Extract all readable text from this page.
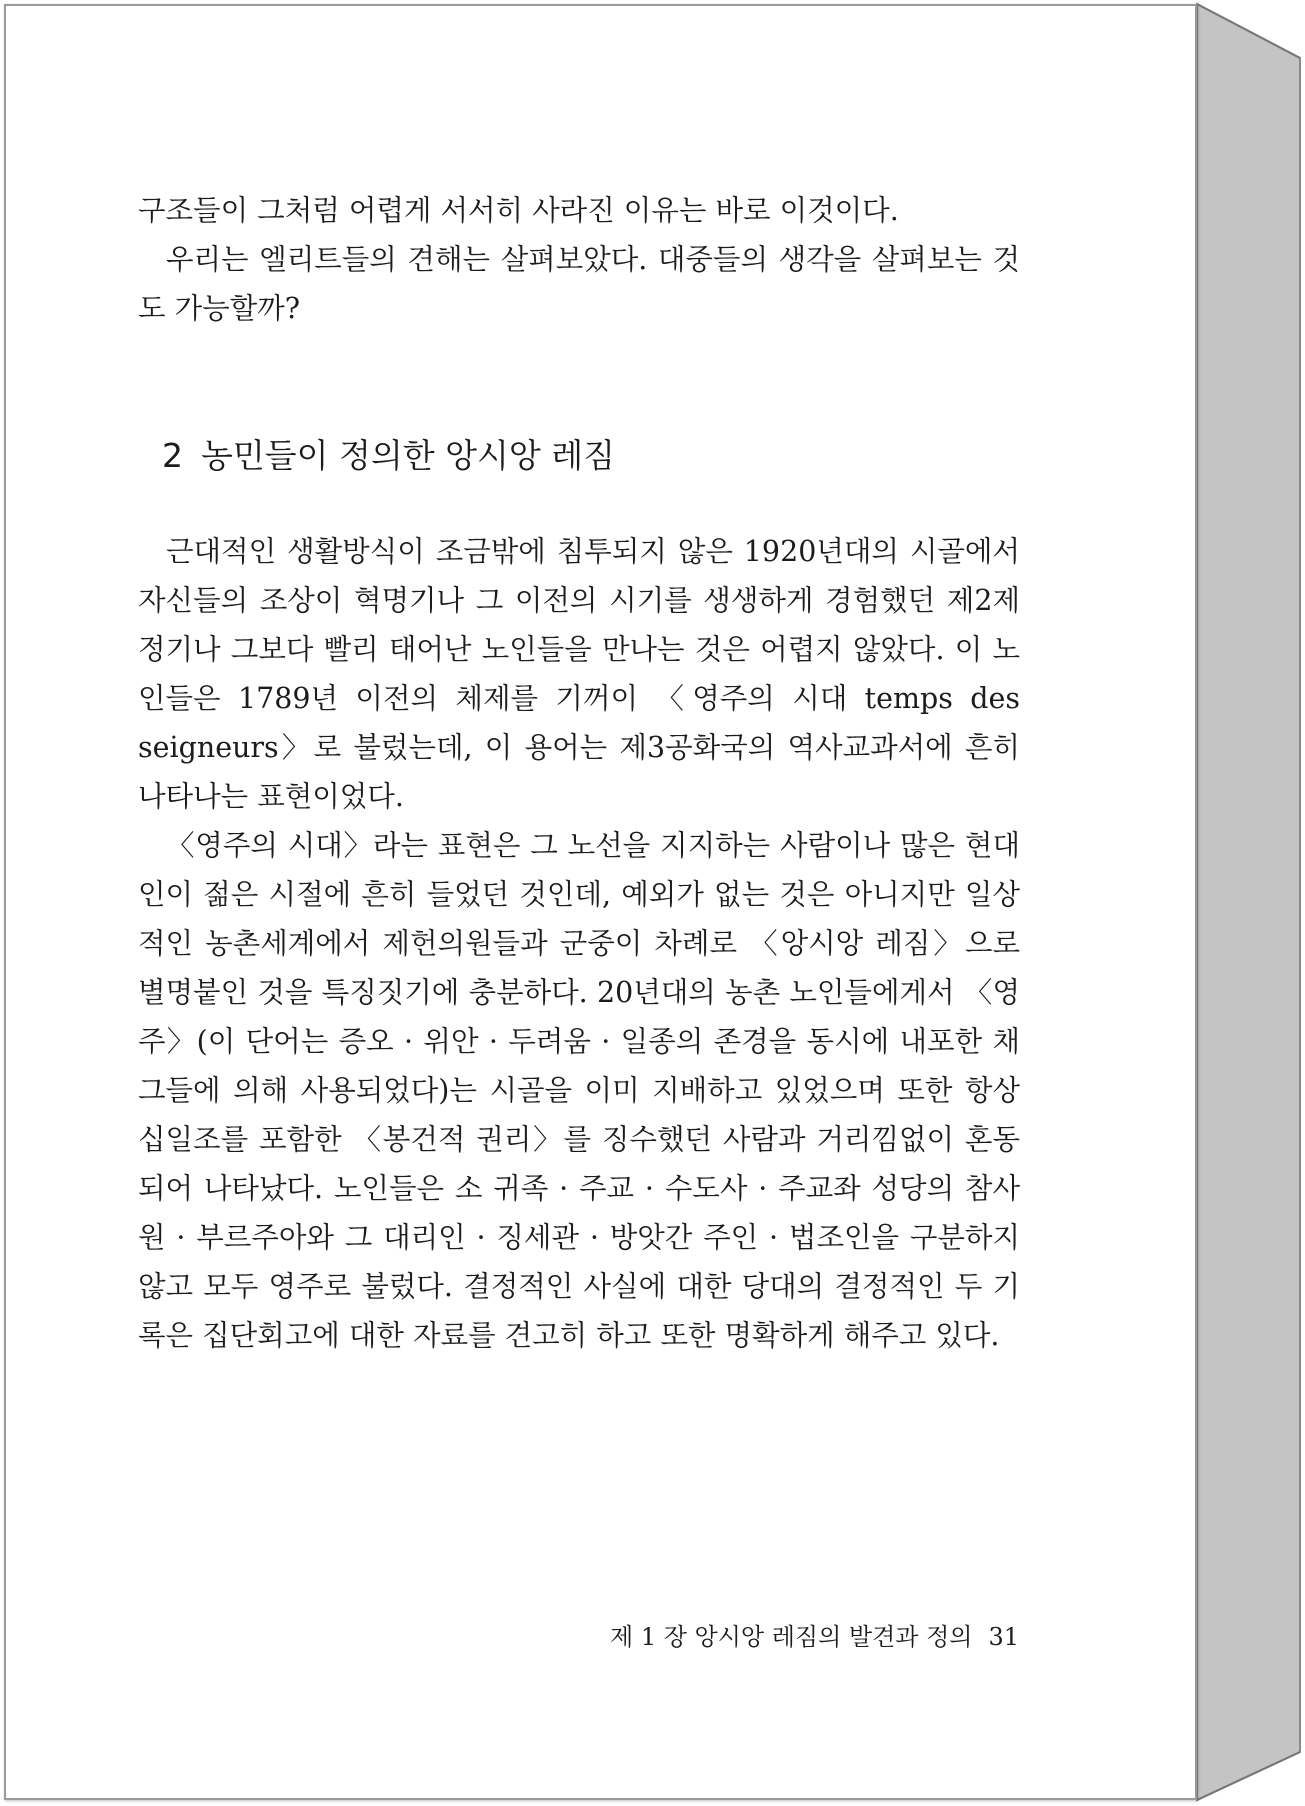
구조들이 그처럼 어렵게 서서히 사라진 이유는 바로 이것이다.

우리는 엘리트들의 견해는 살펴보았다. 대중들의 생각을 살펴보는 것도 가능할까?

2 농민들이 정의한 앙시앙 레짐

근대적인 생활방식이 조금밖에 침투되지 않은 1920년대의 시골에서 자신들의 조상이 혁명기나 그 이전의 시기를 생생하게 경험했던 제2제정기나 그보다 빨리 태어난 노인들을 만나는 것은 어렵지 않았다. 이 노인들은 1789년 이전의 체제를 기꺼이 〈영주의 시대 temps des seigneurs〉로 불렀는데, 이 용어는 제3공화국의 역사교과서에 흔히 나타나는 표현이었다.

〈영주의 시대〉라는 표현은 그 노선을 지지하는 사람이나 많은 현대인이 젊은 시절에 흔히 들었던 것인데, 예외가 없는 것은 아니지만 일상적인 농촌세계에서 제헌의원들과 군중이 차례로 〈앙시앙 레짐〉으로 별명붙인 것을 특징짓기에 충분하다. 20년대의 농촌 노인들에게서 〈영주〉(이 단어는 증오 · 위안 · 두려움 · 일종의 존경을 동시에 내포한 채 그들에 의해 사용되었다)는 시골을 이미 지배하고 있었으며 또한 항상 십일조를 포함한 〈봉건적 권리〉를 징수했던 사람과 거리낌없이 혼동되어 나타났다. 노인들은 소 귀족 · 주교 · 수도사 · 주교좌 성당의 참사원 · 부르주아와 그 대리인 · 징세관 · 방앗간 주인 · 법조인을 구분하지 않고 모두 영주로 불렀다. 결정적인 사실에 대한 당대의 결정적인 두 기록은 집단회고에 대한 자료를 견고히 하고 또한 명확하게 해주고 있다.

제 1 장 앙시앙 레짐의 발견과 정의 31
